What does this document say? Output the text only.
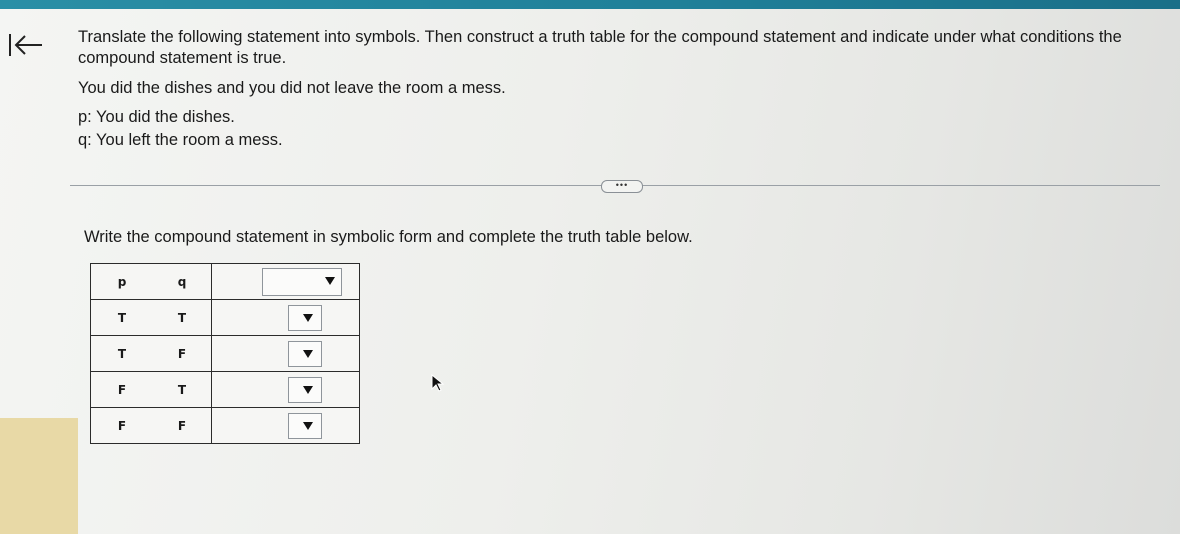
Translate the following statement into symbols. Then construct a truth table for the compound statement and indicate under what conditions the compound statement is true.

You did the dishes and you did not leave the room a mess.

p: You did the dishes.

q: You left the room a mess.

•••

Write the compound statement in symbolic form and complete the truth table below.

p	q	

T	T	

T	F	

F	T	

F	F	
